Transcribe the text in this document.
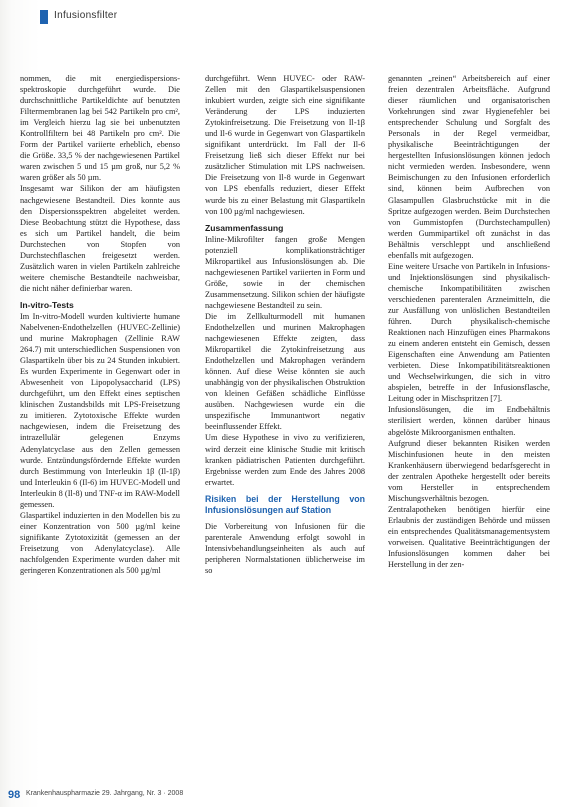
Infusionsfilter

nommen, die mit energiedispersions-spektroskopie durchgeführt wurde. Die durchschnittliche Partikeldichte auf benutzten Filtermembranen lag bei 542 Partikeln pro cm², im Vergleich hierzu lag sie bei unbenutzten Kontrollfiltern bei 48 Partikeln pro cm². Die Form der Partikel variierte erheblich, ebenso die Größe. 33,5 % der nachgewiesenen Partikel waren zwischen 5 und 15 µm groß, nur 5,2 % waren größer als 50 µm.

Insgesamt war Silikon der am häufigsten nachgewiesene Bestandteil. Dies konnte aus den Dispersionsspektren abgeleitet werden. Diese Beobachtung stützt die Hypothese, dass es sich um Partikel handelt, die beim Durchstechen von Stopfen von Durchstechflaschen freigesetzt werden. Zusätzlich waren in vielen Partikeln zahlreiche weitere chemische Bestandteile nachweisbar, die nicht näher definierbar waren.

In-vitro-Tests

Im In-vitro-Modell wurden kultivierte humane Nabelvenen-Endothelzellen (HUVEC-Zellinie) und murine Makrophagen (Zellinie RAW 264.7) mit unterschiedlichen Suspensionen von Glaspartikeln über bis zu 24 Stunden inkubiert. Es wurden Experimente in Gegenwart oder in Abwesenheit von Lipopolysaccharid (LPS) durchgeführt, um den Effekt eines septischen klinischen Zustandsbilds mit LPS-Freisetzung zu imitieren. Zytotoxische Effekte wurden nachgewiesen, indem die Freisetzung des intrazellulär gelegenen Enzyms Adenylatcyclase aus den Zellen gemessen wurde. Entzündungsfördernde Effekte wurden durch Bestimmung von Interleukin 1β (Il-1β) und Interleukin 6 (Il-6) im HUVEC-Modell und Interleukin 8 (Il-8) und TNF-α im RAW-Modell gemessen.

Glaspartikel induzierten in den Modellen bis zu einer Konzentration von 500 µg/ml keine signifikante Zytotoxizität (gemessen an der Freisetzung von Adenylatcyclase). Alle nachfolgenden Experimente wurden daher mit geringeren Konzentrationen als 500 µg/ml

durchgeführt. Wenn HUVEC- oder RAW-Zellen mit den Glaspartikelsuspensionen inkubiert wurden, zeigte sich eine signifikante Veränderung der LPS induzierten Zytokinfreisetzung. Die Freisetzung von Il-1β und Il-6 wurde in Gegenwart von Glaspartikeln signifikant unterdrückt. Im Fall der Il-6 Freisetzung ließ sich dieser Effekt nur bei zusätzlicher Stimulation mit LPS nachweisen. Die Freisetzung von Il-8 wurde in Gegenwart von LPS ebenfalls reduziert, dieser Effekt wurde bis zu einer Belastung mit Glaspartikeln von 100 µg/ml nachgewiesen.

Zusammenfassung

Inline-Mikrofilter fangen große Mengen potenziell komplikationsträchtiger Mikropartikel aus Infusionslösungen ab. Die nachgewiesenen Partikel variierten in Form und Größe, sowie in der chemischen Zusammensetzung. Silikon schien der häufigste nachgewiesene Bestandteil zu sein.

Die im Zellkulturmodell mit humanen Endothelzellen und murinen Makrophagen nachgewiesenen Effekte zeigten, dass Mikropartikel die Zytokinfreisetzung aus Endothelzellen und Makrophagen verändern können. Auf diese Weise könnten sie auch unabhängig von der physikalischen Obstruktion von kleinen Gefäßen schädliche Einflüsse ausüben. Nachgewiesen wurde ein die unspezifische Immunantwort negativ beeinflussender Effekt.

Um diese Hypothese in vivo zu verifizieren, wird derzeit eine klinische Studie mit kritisch kranken pädiatrischen Patienten durchgeführt. Ergebnisse werden zum Ende des Jahres 2008 erwartet.

Risiken bei der Herstellung von Infusionslösungen auf Station

Die Vorbereitung von Infusionen für die parenterale Anwendung erfolgt sowohl in Intensivbehandlungseinheiten als auch auf peripheren Normalstationen üblicherweise im so

genannten „reinen“ Arbeitsbereich auf einer freien dezentralen Arbeitsfläche. Aufgrund dieser räumlichen und organisatorischen Vorkehrungen sind zwar Hygienefehler bei entsprechender Schulung und Sorgfalt des Personals in der Regel vermeidbar, physikalische Beeinträchtigungen der hergestellten Infusionslösungen können jedoch nicht vermieden werden. Insbesondere, wenn Beimischungen zu den Infusionen erforderlich sind, können beim Aufbrechen von Glasampullen Glasbruchstücke mit in die Spritze aufgezogen werden. Beim Durchstechen von Gummistopfen (Durchstechampullen) werden Gummipartikel oft zunächst in das Behältnis verschleppt und anschließend ebenfalls mit aufgezogen.

Eine weitere Ursache von Partikeln in Infusions- und Injektionslösungen sind physikalisch-chemische Inkompatibilitäten zwischen verschiedenen parenteralen Arzneimitteln, die zur Ausfällung von unlöslichen Bestandteilen führen. Durch physikalisch-chemische Reaktionen nach Hinzufügen eines Pharmakons zu einem anderen entsteht ein Gemisch, dessen Eigenschaften eine Anwendung am Patienten verbieten. Diese Inkompatibilitätsreaktionen und Wechselwirkungen, die sich in vitro abspielen, betreffe in der Infusionsflasche, Leitung oder in Mischspritzen [7].

Infusionslösungen, die im Endbehältnis sterilisiert werden, können darüber hinaus abgelöste Mikroorganismen enthalten.

Aufgrund dieser bekannten Risiken werden Mischinfusionen heute in den meisten Krankenhäusern überwiegend bedarfsgerecht in der zentralen Apotheke hergestellt oder bereits vom Hersteller in entsprechendem Mischungsverhältnis bezogen.

Zentralapotheken benötigen hierfür eine Erlaubnis der zuständigen Behörde und müssen ein entsprechendes Qualitätsmanagementsystem vorweisen. Qualitative Beeinträchtigungen der Infusionslösungen kommen daher bei Herstellung in der zen-

98 Krankenhauspharmazie 29. Jahrgang, Nr. 3 · 2008
